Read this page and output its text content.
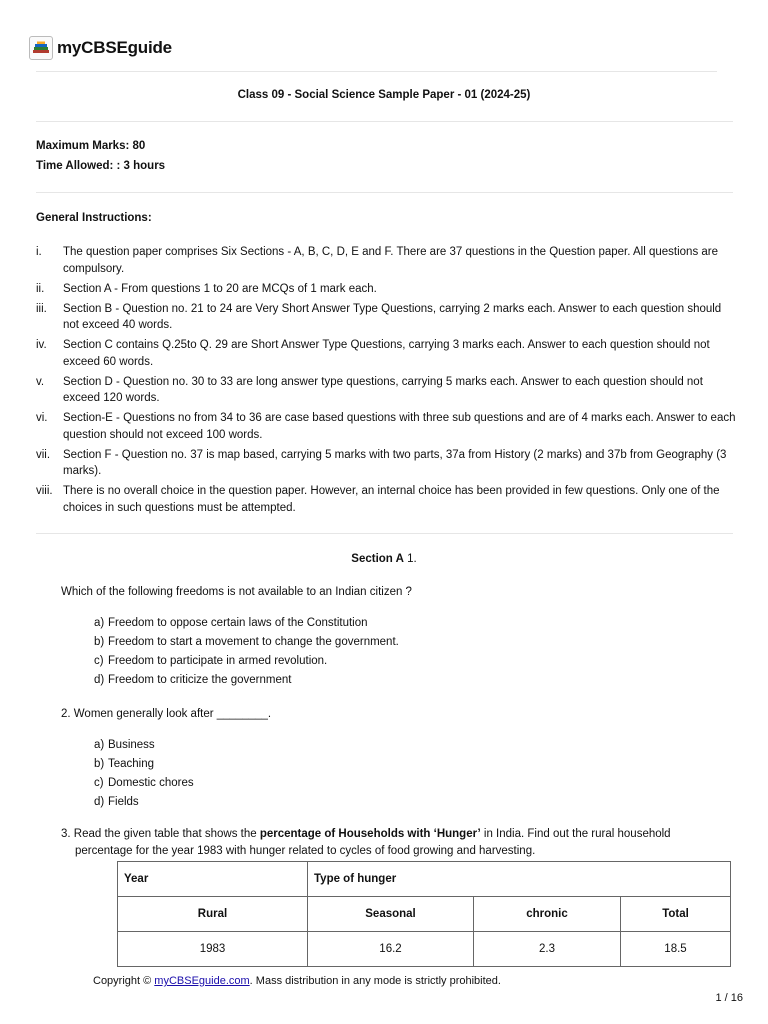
myCBSEguide
Class 09 - Social Science Sample Paper - 01 (2024-25)
Maximum Marks: 80
Time Allowed: : 3 hours
General Instructions:
i.	The question paper comprises Six Sections - A, B, C, D, E and F. There are 37 questions in the Question paper. All questions are compulsory.
ii.	Section A - From questions 1 to 20 are MCQs of 1 mark each.
iii.	Section B - Question no. 21 to 24 are Very Short Answer Type Questions, carrying 2 marks each. Answer to each question should not exceed 40 words.
iv.	Section C contains Q.25to Q. 29 are Short Answer Type Questions, carrying 3 marks each. Answer to each question should not exceed 60 words.
v.	Section D - Question no. 30 to 33 are long answer type questions, carrying 5 marks each. Answer to each question should not exceed 120 words.
vi.	Section-E - Questions no from 34 to 36 are case based questions with three sub questions and are of 4 marks each. Answer to each question should not exceed 100 words.
vii.	Section F - Question no. 37 is map based, carrying 5 marks with two parts, 37a from History (2 marks) and 37b from Geography (3 marks).
viii. There is no overall choice in the question paper. However, an internal choice has been provided in few questions. Only one of the choices in such questions must be attempted.
Section A 1.
Which of the following freedoms is not available to an Indian citizen ?
a) Freedom to oppose certain laws of the Constitution
b) Freedom to start a movement to change the government.
c) Freedom to participate in armed revolution.
d) Freedom to criticize the government
2. Women generally look after ________.
a) Business
b) Teaching
c) Domestic chores
d) Fields
3. Read the given table that shows the percentage of Households with ‘Hunger’ in India. Find out the rural household
percentage for the year 1983 with hunger related to cycles of food growing and harvesting.
Year	Type of hunger		
Rural	Seasonal	chronic	Total
1983	16.2	2.3	18.5
Copyright © myCBSEguide.com. Mass distribution in any mode is strictly prohibited.
1 / 16
